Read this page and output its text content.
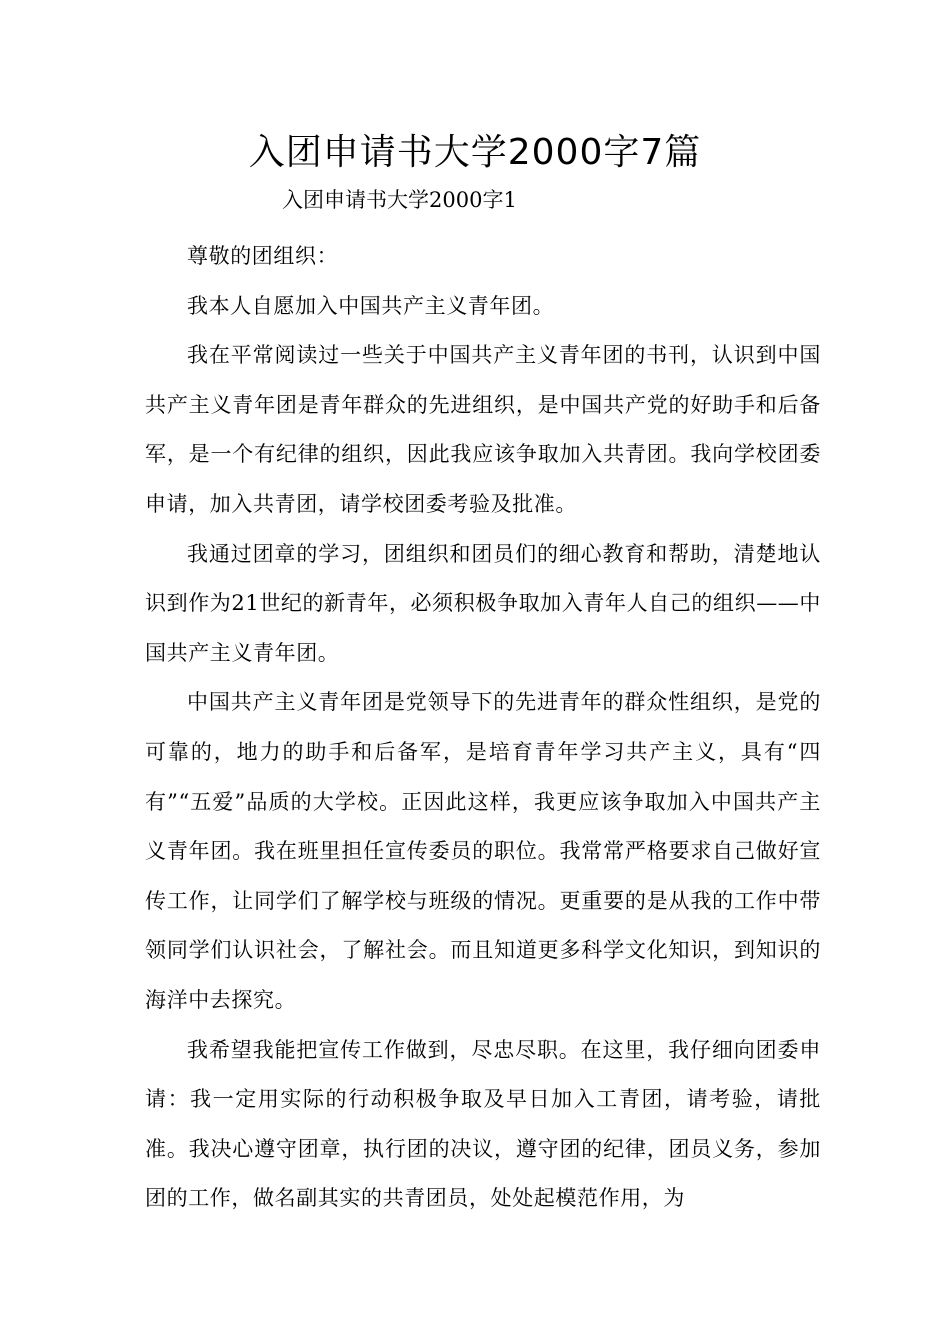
入团申请书大学2000字7篇

入团申请书大学2000字1

尊敬的团组织：

我本人自愿加入中国共产主义青年团。

我在平常阅读过一些关于中国共产主义青年团的书刊，认识到中国共产主义青年团是青年群众的先进组织，是中国共产党的好助手和后备军，是一个有纪律的组织，因此我应该争取加入共青团。我向学校团委申请，加入共青团，请学校团委考验及批准。

我通过团章的学习，团组织和团员们的细心教育和帮助，清楚地认识到作为21世纪的新青年，必须积极争取加入青年人自己的组织——中国共产主义青年团。

中国共产主义青年团是党领导下的先进青年的群众性组织，是党的可靠的，地力的助手和后备军，是培育青年学习共产主义，具有“四有”“五爱”品质的大学校。正因此这样，我更应该争取加入中国共产主义青年团。我在班里担任宣传委员的职位。我常常严格要求自己做好宣传工作，让同学们了解学校与班级的情况。更重要的是从我的工作中带领同学们认识社会，了解社会。而且知道更多科学文化知识，到知识的海洋中去探究。

我希望我能把宣传工作做到，尽忠尽职。在这里，我仔细向团委申请：我一定用实际的行动积极争取及早日加入工青团，请考验，请批准。我决心遵守团章，执行团的决议，遵守团的纪律，团员义务，参加团的工作，做名副其实的共青团员，处处起模范作用，为
